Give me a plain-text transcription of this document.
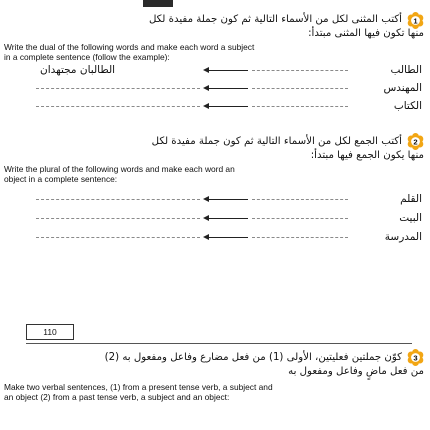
1
أكتب المثنى لكل من الأسماء التالية ثم كون جملة مفيدة لكل
منها تكون فيها المثنى مبتدأ:
Write the dual of the following words and make each word a subject
in a complete sentence (follow the example):
الطالبان مجتهدان	الطالب
المهندس
الكتاب
2
أكتب الجمع لكل من الأسماء التالية ثم كون جملة مفيدة لكل
منها يكون الجمع فيها مبتدأ:
Write the plural of the following words and make each word an
object in a complete sentence:
القلم
البيت
المدرسة
110
3
كوّن جملتين فعليتين، الأولى (1) من فعل مضارع وفاعل ومفعول به (2)
من فعل ماضٍ وفاعل ومفعول به
Make two verbal sentences, (1) from a present tense verb, a subject and
an object (2) from a past tense verb, a subject and an object:
